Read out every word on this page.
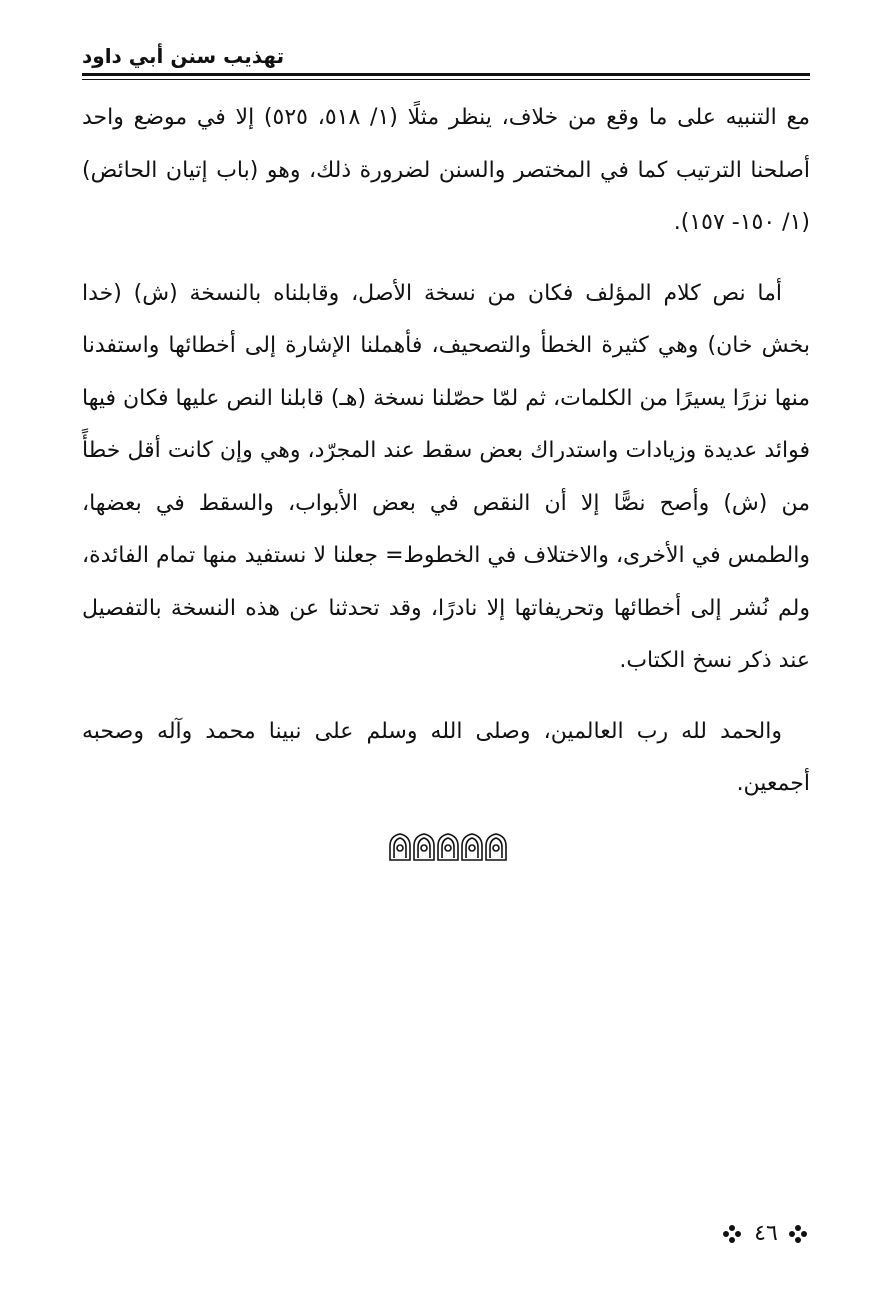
تهذيب سنن أبي داود

مع التنبيه على ما وقع من خلاف، ينظر مثلًا (١/ ٥١٨، ٥٢٥) إلا في موضع واحد أصلحنا الترتيب كما في المختصر والسنن لضرورة ذلك، وهو (باب إتيان الحائض) (١/ ١٥٠- ١٥٧).

أما نص كلام المؤلف فكان من نسخة الأصل، وقابلناه بالنسخة (ش) (خدا بخش خان) وهي كثيرة الخطأ والتصحيف، فأهملنا الإشارة إلى أخطائها واستفدنا منها نزرًا يسيرًا من الكلمات، ثم لمّا حصّلنا نسخة (هـ) قابلنا النص عليها فكان فيها فوائد عديدة وزيادات واستدراك بعض سقط عند المجرّد، وهي وإن كانت أقل خطأً من (ش) وأصح نصًّا إلا أن النقص في بعض الأبواب، والسقط في بعضها، والطمس في الأخرى، والاختلاف في الخطوط= جعلنا لا نستفيد منها تمام الفائدة، ولم نُشر إلى أخطائها وتحريفاتها إلا نادرًا، وقد تحدثنا عن هذه النسخة بالتفصيل عند ذكر نسخ الكتاب.

والحمد لله رب العالمين، وصلى الله وسلم على نبينا محمد وآله وصحبه أجمعين.

٤٦
